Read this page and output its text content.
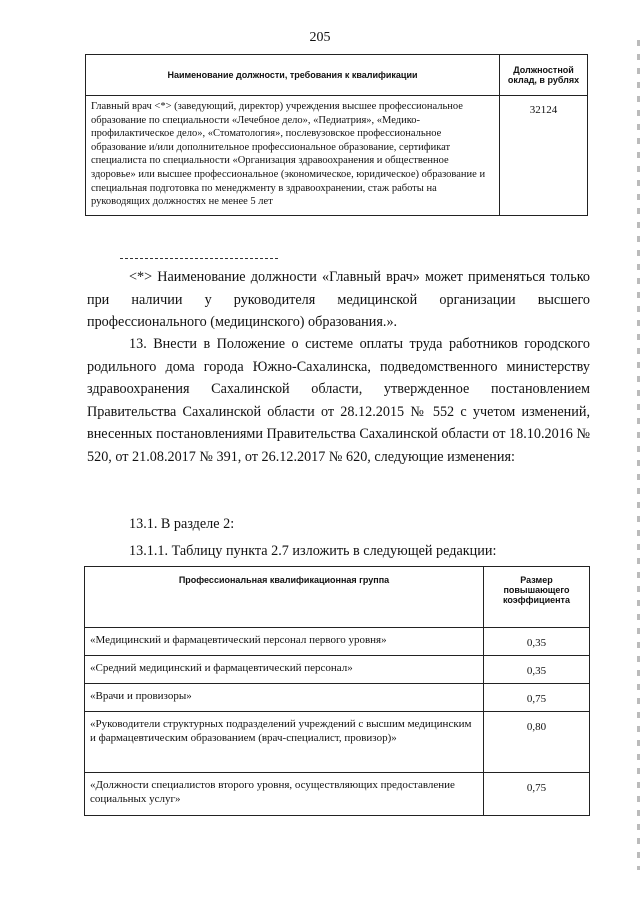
205
Наименование должности, требования к квалификации	Должностной оклад, в рублях
Главный врач <*> (заведующий, директор) учреждения высшее профессиональное образование по специальности «Лечебное дело», «Педиатрия», «Медико-профилактическое дело», «Стоматология», послевузовское профессиональное образование и/или дополнительное профессиональное образование, сертификат специалиста по специальности «Организация здравоохранения и общественное здоровье» или высшее профессиональное (экономическое, юридическое) образование и специальная подготовка по менеджменту в здравоохранении, стаж работы на руководящих должностях не менее 5 лет	32124
<*> Наименование должности «Главный врач» может применяться только при наличии у руководителя медицинской организации высшего профессионального (медицинского) образования.».
13. Внести в Положение о системе оплаты труда работников городского родильного дома города Южно-Сахалинска, подведомственного министерству здравоохранения Сахалинской области, утвержденное постановлением Правительства Сахалинской области от 28.12.2015 № 552 с учетом изменений, внесенных постановлениями Правительства Сахалинской области от 18.10.2016 № 520, от 21.08.2017 № 391, от 26.12.2017 № 620, следующие изменения:
13.1. В разделе 2:
13.1.1. Таблицу пункта 2.7 изложить в следующей редакции:
Профессиональная квалификационная группа	Размер повышающего коэффициента
«Медицинский и фармацевтический персонал первого уровня»	0,35
«Средний медицинский и фармацевтический персонал»	0,35
«Врачи и провизоры»	0,75
«Руководители структурных подразделений учреждений с высшим медицинским и фармацевтическим образованием (врач-специалист, провизор)»	0,80
«Должности специалистов второго уровня, осуществляющих предоставление социальных услуг»	0,75
